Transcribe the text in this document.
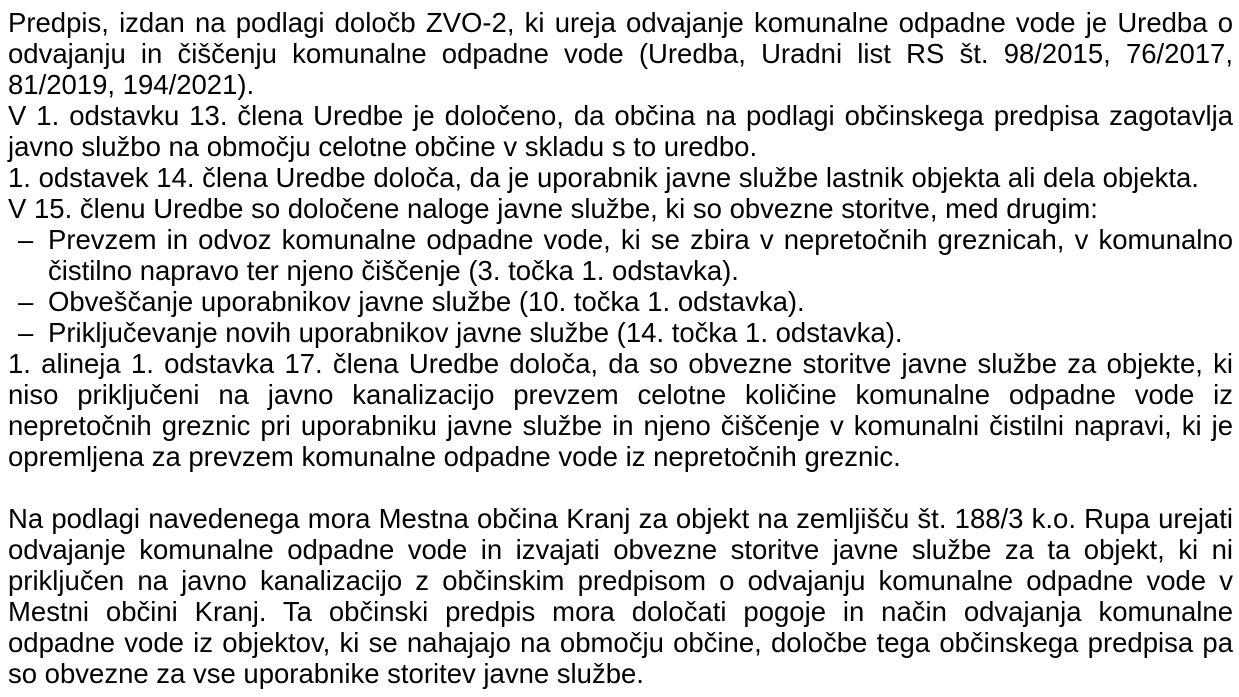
Predpis, izdan na podlagi določb ZVO-2, ki ureja odvajanje komunalne odpadne vode je Uredba o odvajanju in čiščenju komunalne odpadne vode (Uredba, Uradni list RS št. 98/2015, 76/2017, 81/2019, 194/2021).

V 1. odstavku 13. člena Uredbe je določeno, da občina na podlagi občinskega predpisa zagotavlja javno službo na območju celotne občine v skladu s to uredbo.

1. odstavek 14. člena Uredbe določa, da je uporabnik javne službe lastnik objekta ali dela objekta.

V 15. členu Uredbe so določene naloge javne službe, ki so obvezne storitve, med drugim:

– Prevzem in odvoz komunalne odpadne vode, ki se zbira v nepretočnih greznicah, v komunalno čistilno napravo ter njeno čiščenje (3. točka 1. odstavka).
– Obveščanje uporabnikov javne službe (10. točka 1. odstavka).
– Priključevanje novih uporabnikov javne službe (14. točka 1. odstavka).

1. alineja 1. odstavka 17. člena Uredbe določa, da so obvezne storitve javne službe za objekte, ki niso priključeni na javno kanalizacijo prevzem celotne količine komunalne odpadne vode iz nepretočnih greznic pri uporabniku javne službe in njeno čiščenje v komunalni čistilni napravi, ki je opremljena za prevzem komunalne odpadne vode iz nepretočnih greznic.

Na podlagi navedenega mora Mestna občina Kranj za objekt na zemljišču št. 188/3 k.o. Rupa urejati odvajanje komunalne odpadne vode in izvajati obvezne storitve javne službe za ta objekt, ki ni priključen na javno kanalizacijo z občinskim predpisom o odvajanju komunalne odpadne vode v Mestni občini Kranj. Ta občinski predpis mora določati pogoje in način odvajanja komunalne odpadne vode iz objektov, ki se nahajajo na območju občine, določbe tega občinskega predpisa pa so obvezne za vse uporabnike storitev javne službe.
